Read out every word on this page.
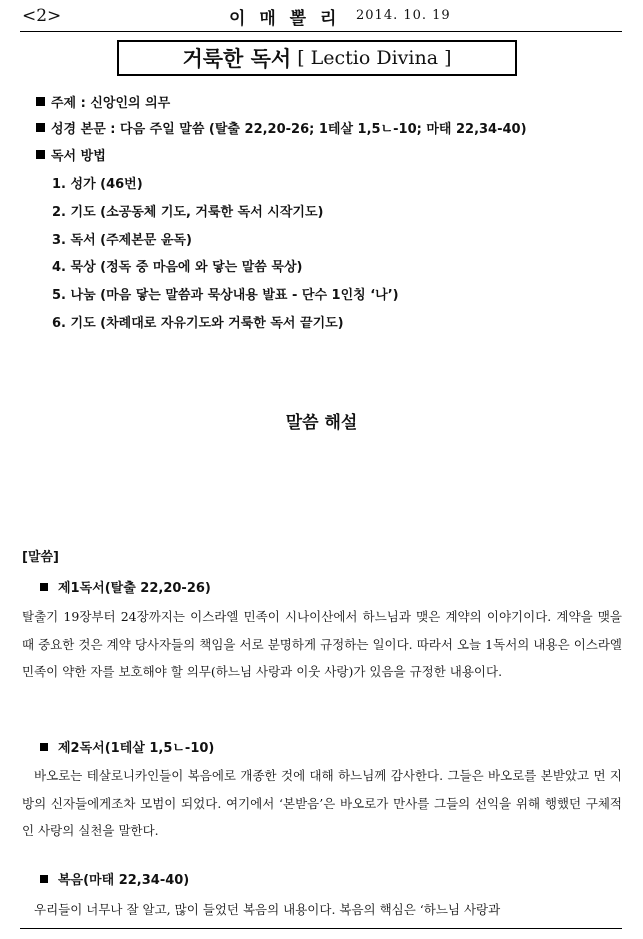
<2>	이 매 뽈 리 2014. 10. 19
거룩한 독서 [ Lectio Divina ]
주제 : 신앙인의 의무
성경 본문 : 다음 주일 말씀 (탈출 22,20-26; 1테살 1,5ㄴ-10; 마태 22,34-40)
독서 방법
1. 성가 (46번)
2. 기도 (소공동체 기도, 거룩한 독서 시작기도)
3. 독서 (주제본문 윤독)
4. 묵상 (정독 중 마음에 와 닿는 말씀 묵상)
5. 나눔 (마음 닿는 말씀과 묵상내용 발표 - 단수 1인칭 ‘나’)
6. 기도 (차례대로 자유기도와 거룩한 독서 끝기도)
말씀 해설
[말씀]
제1독서(탈출 22,20-26)
탈출기 19장부터 24장까지는 이스라엘 민족이 시나이산에서 하느님과 맺은 계약의 이야기이다. 계약을 맺을 때 중요한 것은 계약 당사자들의 책임을 서로 분명하게 규정하는 일이다. 따라서 오늘 1독서의 내용은 이스라엘 민족이 약한 자를 보호해야 할 의무(하느님 사랑과 이웃 사랑)가 있음을 규정한 내용이다.
제2독서(1테살 1,5ㄴ-10)
바오로는 테살로니카인들이 복음에로 개종한 것에 대해 하느님께 감사한다. 그들은 바오로를 본받았고 먼 지방의 신자들에게조차 모범이 되었다. 여기에서 ‘본받음’은 바오로가 만사를 그들의 선익을 위해 행했던 구체적인 사랑의 실천을 말한다.
복음(마태 22,34-40)
우리들이 너무나 잘 알고, 많이 들었던 복음의 내용이다. 복음의 핵심은 ‘하느님 사랑과
